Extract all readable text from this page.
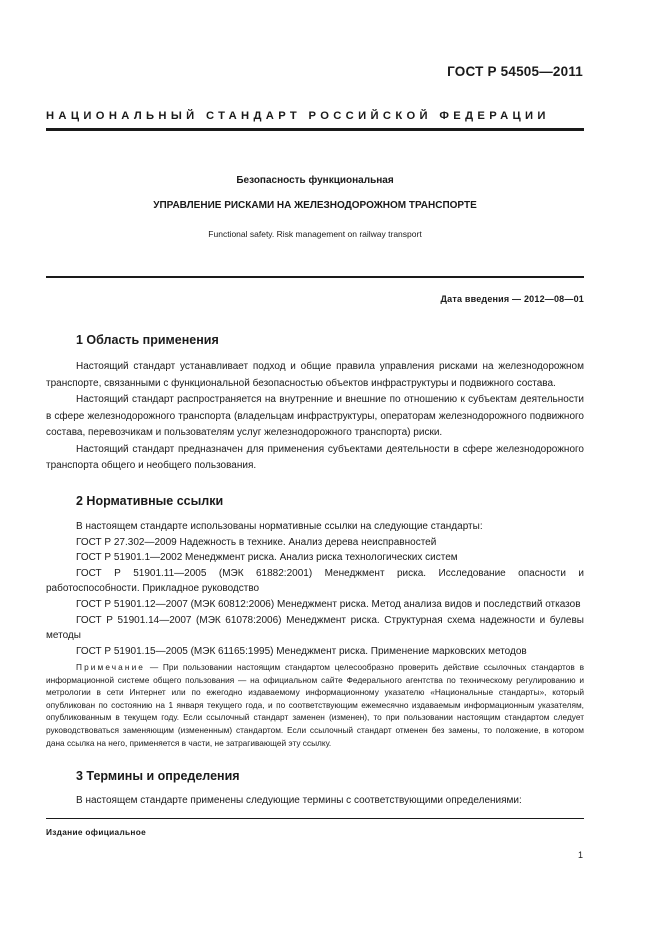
ГОСТ Р 54505—2011
НАЦИОНАЛЬНЫЙ СТАНДАРТ РОССИЙСКОЙ ФЕДЕРАЦИИ
Безопасность функциональная
УПРАВЛЕНИЕ РИСКАМИ НА ЖЕЛЕЗНОДОРОЖНОМ ТРАНСПОРТЕ
Functional safety. Risk management on railway transport
Дата введения — 2012—08—01
1 Область применения

Настоящий стандарт устанавливает подход и общие правила управления рисками на железнодорожном транспорте, связанными с функциональной безопасностью объектов инфраструктуры и подвижного состава.

Настоящий стандарт распространяется на внутренние и внешние по отношению к субъектам деятельности в сфере железнодорожного транспорта (владельцам инфраструктуры, операторам железнодорожного подвижного состава, перевозчикам и пользователям услуг железнодорожного транспорта) риски.

Настоящий стандарт предназначен для применения субъектами деятельности в сфере железнодорожного транспорта общего и необщего пользования.

2 Нормативные ссылки

В настоящем стандарте использованы нормативные ссылки на следующие стандарты:

ГОСТ Р 27.302—2009 Надежность в технике. Анализ дерева неисправностей

ГОСТ Р 51901.1—2002 Менеджмент риска. Анализ риска технологических систем

ГОСТ Р 51901.11—2005 (МЭК 61882:2001) Менеджмент риска. Исследование опасности и работоспособности. Прикладное руководство

ГОСТ Р 51901.12—2007 (МЭК 60812:2006) Менеджмент риска. Метод анализа видов и последствий отказов

ГОСТ Р 51901.14—2007 (МЭК 61078:2006) Менеджмент риска. Структурная схема надежности и булевы методы

ГОСТ Р 51901.15—2005 (МЭК 61165:1995) Менеджмент риска. Применение марковских методов

Примечание — При пользовании настоящим стандартом целесообразно проверить действие ссылочных стандартов в информационной системе общего пользования — на официальном сайте Федерального агентства по техническому регулированию и метрологии в сети Интернет или по ежегодно издаваемому информационному указателю «Национальные стандарты», который опубликован по состоянию на 1 января текущего года, и по соответствующим ежемесячно издаваемым информационным указателям, опубликованным в текущем году. Если ссылочный стандарт заменен (изменен), то при пользовании настоящим стандартом следует руководствоваться заменяющим (измененным) стандартом. Если ссылочный стандарт отменен без замены, то положение, в котором дана ссылка на него, применяется в части, не затрагивающей эту ссылку.

3 Термины и определения

В настоящем стандарте применены следующие термины с соответствующими определениями:

Издание официальное
1
